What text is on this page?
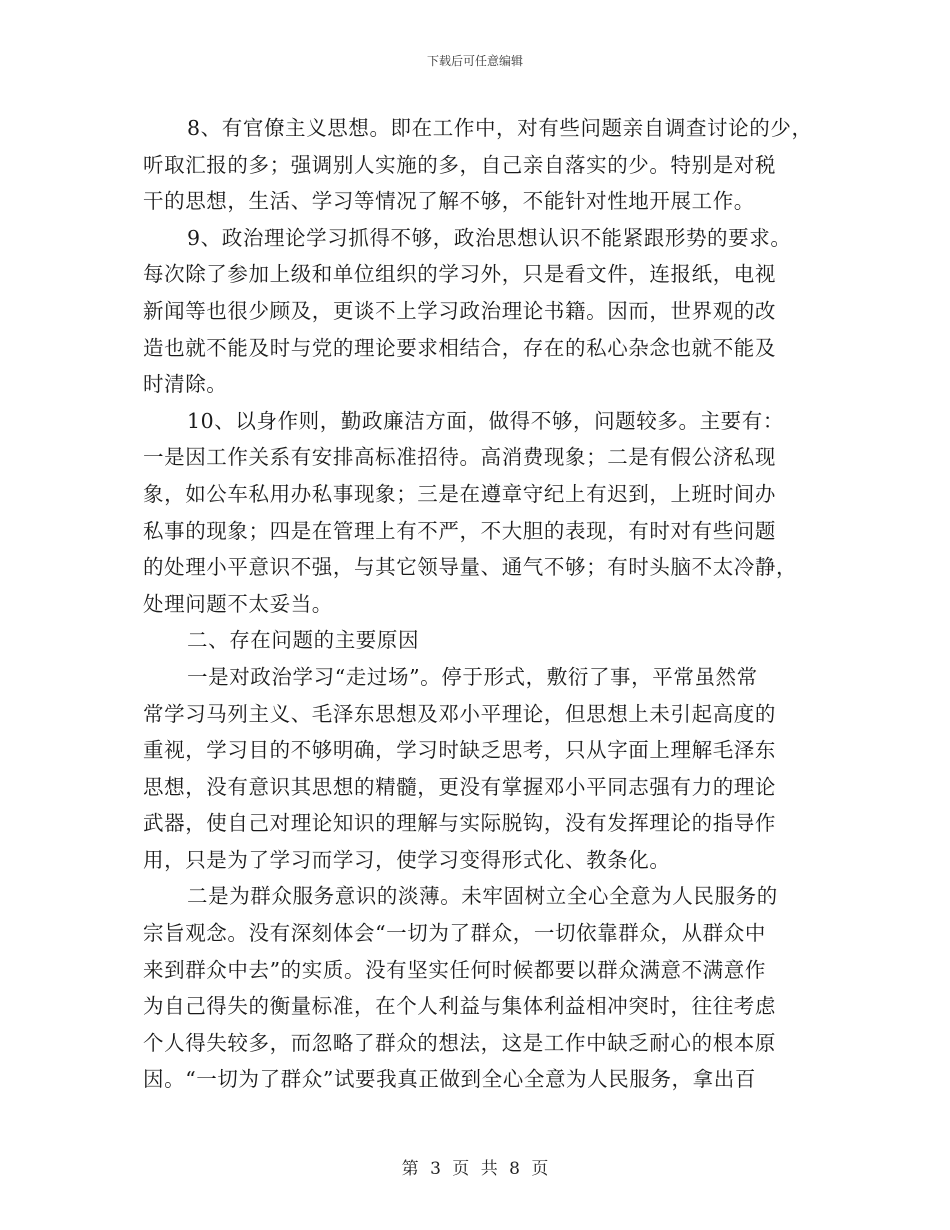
下载后可任意编辑
8、有官僚主义思想。即在工作中，对有些问题亲自调查讨论的少，
听取汇报的多；强调别人实施的多，自己亲自落实的少。特别是对税
干的思想，生活、学习等情况了解不够，不能针对性地开展工作。
9、政治理论学习抓得不够，政治思想认识不能紧跟形势的要求。
每次除了参加上级和单位组织的学习外，只是看文件，连报纸，电视
新闻等也很少顾及，更谈不上学习政治理论书籍。因而，世界观的改
造也就不能及时与党的理论要求相结合，存在的私心杂念也就不能及
时清除。
10、以身作则，勤政廉洁方面，做得不够，问题较多。主要有：
一是因工作关系有安排高标准招待。高消费现象；二是有假公济私现
象，如公车私用办私事现象；三是在遵章守纪上有迟到，上班时间办
私事的现象；四是在管理上有不严，不大胆的表现，有时对有些问题
的处理小平意识不强，与其它领导量、通气不够；有时头脑不太冷静，
处理问题不太妥当。
二、存在问题的主要原因
一是对政治学习“走过场”。停于形式，敷衍了事，平常虽然常
常学习马列主义、毛泽东思想及邓小平理论，但思想上未引起高度的
重视，学习目的不够明确，学习时缺乏思考，只从字面上理解毛泽东
思想，没有意识其思想的精髓，更没有掌握邓小平同志强有力的理论
武器，使自己对理论知识的理解与实际脱钩，没有发挥理论的指导作
用，只是为了学习而学习，使学习变得形式化、教条化。
二是为群众服务意识的淡薄。未牢固树立全心全意为人民服务的
宗旨观念。没有深刻体会“一切为了群众，一切依靠群众，从群众中
来到群众中去”的实质。没有坚实任何时候都要以群众满意不满意作
为自己得失的衡量标准，在个人利益与集体利益相冲突时，往往考虑
个人得失较多，而忽略了群众的想法，这是工作中缺乏耐心的根本原
因。“一切为了群众”试要我真正做到全心全意为人民服务，拿出百
第 3 页 共 8 页
